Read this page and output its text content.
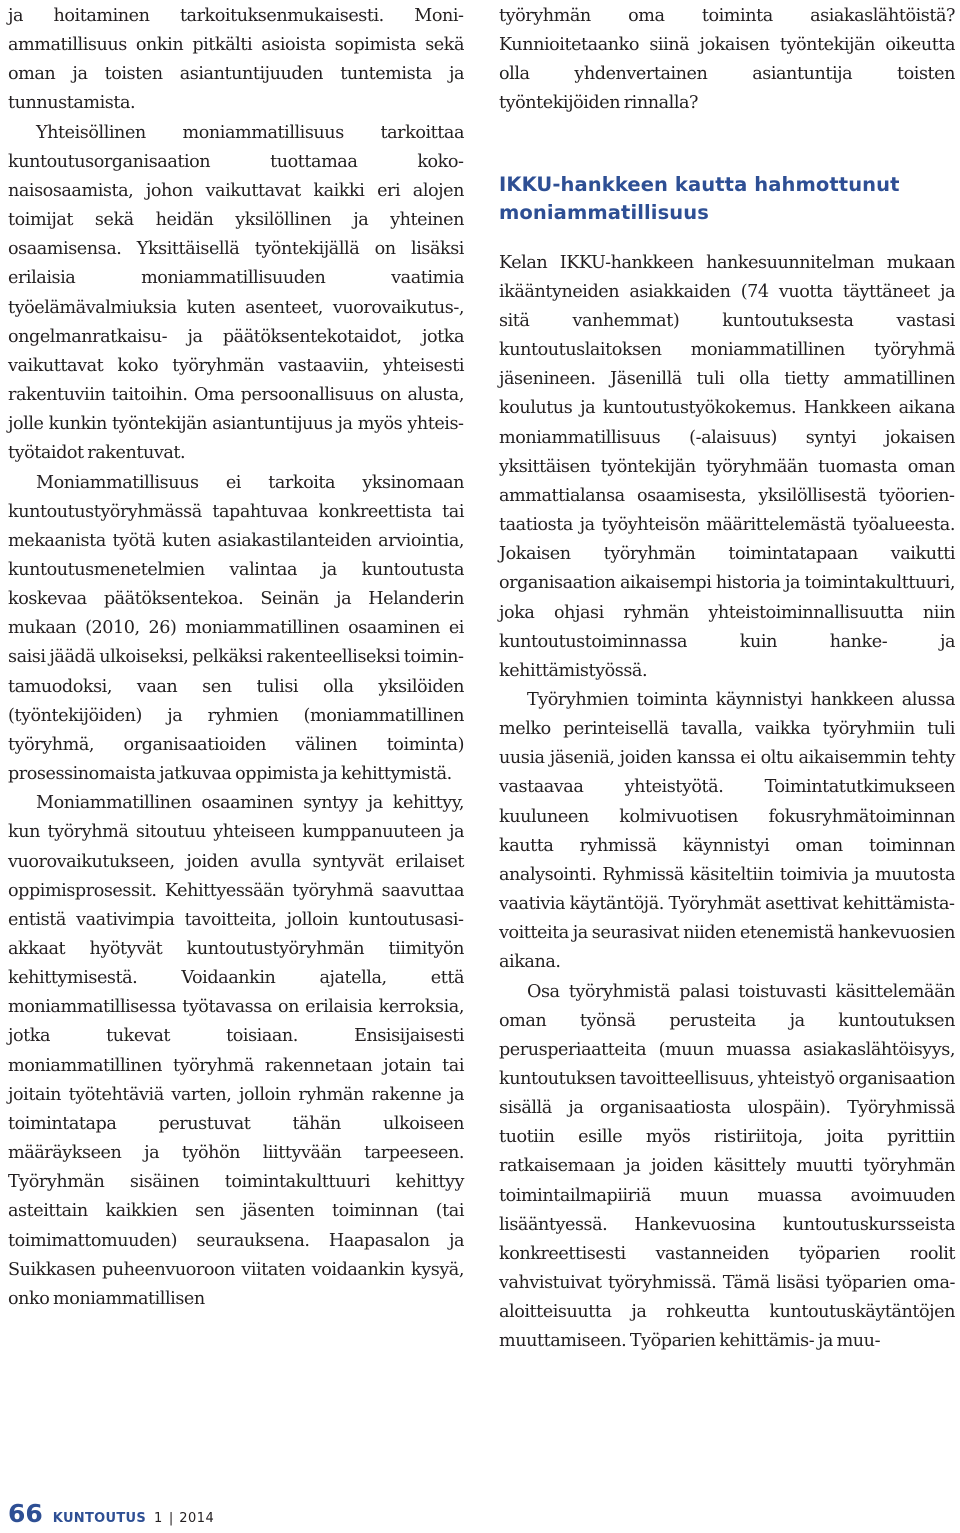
ja hoitaminen tarkoituksenmukaisesti. Moniammatillisuus onkin pitkälti asioista sopimista sekä oman ja toisten asiantuntijuuden tuntemista ja tunnustamista.

Yhteisöllinen moniammatillisuus tarkoittaa kuntoutusorganisaation tuottamaa kokonaisosaamista, johon vaikuttavat kaikki eri alojen toimijat sekä heidän yksilöllinen ja yhteinen osaamisensa. Yksittäisellä työntekijällä on lisäksi erilaisia moniammatillisuuden vaatimia työelämävalmiuksia kuten asenteet, vuorovaikutus-, ongelmanratkaisu- ja päätöksentekotaidot, jotka vaikuttavat koko työryhmän vastaaviin, yhteisesti rakentuviin taitoihin. Oma persoonallisuus on alusta, jolle kunkin työntekijän asiantuntijuus ja myös yhteistyötaidot rakentuvat.

Moniammatillisuus ei tarkoita yksinomaan kuntoutustyöryhmässä tapahtuvaa konkreettista tai mekaanista työtä kuten asiakastilanteiden arviointia, kuntoutusmenetelmien valintaa ja kuntoutusta koskevaa päätöksentekoa. Seinän ja Helanderin mukaan (2010, 26) moniammatillinen osaaminen ei saisi jäädä ulkoiseksi, pelkäksi rakenteelliseksi toimintamuodoksi, vaan sen tulisi olla yksilöiden (työntekijöiden) ja ryhmien (moniammatillinen työryhmä, organisaatioiden välinen toiminta) prosessinomaista jatkuvaa oppimista ja kehittymistä.

Moniammatillinen osaaminen syntyy ja kehittyy, kun työryhmä sitoutuu yhteiseen kumppanuuteen ja vuorovaikutukseen, joiden avulla syntyvät erilaiset oppimisprosessit. Kehittyessään työryhmä saavuttaa entistä vaativimpia tavoitteita, jolloin kuntoutusasiakkaat hyötyvät kuntoutustyöryhmän tiimityön kehittymisestä. Voidaankin ajatella, että moniammatillisessa työtavassa on erilaisia kerroksia, jotka tukevat toisiaan. Ensisijaisesti moniammatillinen työryhmä rakennetaan jotain tai joitain työtehtäviä varten, jolloin ryhmän rakenne ja toimintatapa perustuvat tähän ulkoiseen määräykseen ja työhön liittyvään tarpeeseen. Työryhmän sisäinen toimintakulttuuri kehittyy asteittain kaikkien sen jäsenten toiminnan (tai toimimattomuuden) seurauksena. Haapasalon ja Suikkasen puheenvuoroon viitaten voidaankin kysyä, onko moniammatillisen

työryhmän oma toiminta asiakaslähtöistä? Kunnioitetaanko siinä jokaisen työntekijän oikeutta olla yhdenvertainen asiantuntija toisten työntekijöiden rinnalla?

IKKU-hankkeen kautta hahmottunut moniammatillisuus

Kelan IKKU-hankkeen hankesuunnitelman mukaan ikääntyneiden asiakkaiden (74 vuotta täyttäneet ja sitä vanhemmat) kuntoutuksesta vastasi kuntoutuslaitoksen moniammatillinen työryhmä jäsenineen. Jäsenillä tuli olla tietty ammatillinen koulutus ja kuntoutustyökokemus. Hankkeen aikana moniammatillisuus (-alaisuus) syntyi jokaisen yksittäisen työntekijän työryhmään tuomasta oman ammattialansa osaamisesta, yksilöllisestä työorientaatiosta ja työyhteisön määrittelemästä työalueesta. Jokaisen työryhmän toimintatapaan vaikutti organisaation aikaisempi historia ja toimintakulttuuri, joka ohjasi ryhmän yhteistoiminnallisuutta niin kuntoutustoiminnassa kuin hanke- ja kehittämistyössä.

Työryhmien toiminta käynnistyi hankkeen alussa melko perinteisellä tavalla, vaikka työryhmiin tuli uusia jäseniä, joiden kanssa ei oltu aikaisemmin tehty vastaavaa yhteistyötä. Toimintatutkimukseen kuuluneen kolmivuotisen fokusryhmätoiminnan kautta ryhmissä käynnistyi oman toiminnan analysointi. Ryhmissä käsiteltiin toimivia ja muutosta vaativia käytäntöjä. Työryhmät asettivat kehittämistavoitteita ja seurasivat niiden etenemistä hankevuosien aikana.

Osa työryhmistä palasi toistuvasti käsittelemään oman työnsä perusteita ja kuntoutuksen perusperiaatteita (muun muassa asiakaslähtöisyys, kuntoutuksen tavoitteellisuus, yhteistyö organisaation sisällä ja organisaatiosta ulospäin). Työryhmissä tuotiin esille myös ristiriitoja, joita pyrittiin ratkaisemaan ja joiden käsittely muutti työryhmän toimintailmapiiriä muun muassa avoimuuden lisääntyessä. Hankevuosina kuntoutuskursseista konkreettisesti vastanneiden työparien roolit vahvistuivat työryhmissä. Tämä lisäsi työparien oma-aloitteisuutta ja rohkeutta kuntoutuskäytäntöjen muuttamiseen. Työparien kehittämis- ja muu-

66 KUNTOUTUS 1 | 2014
